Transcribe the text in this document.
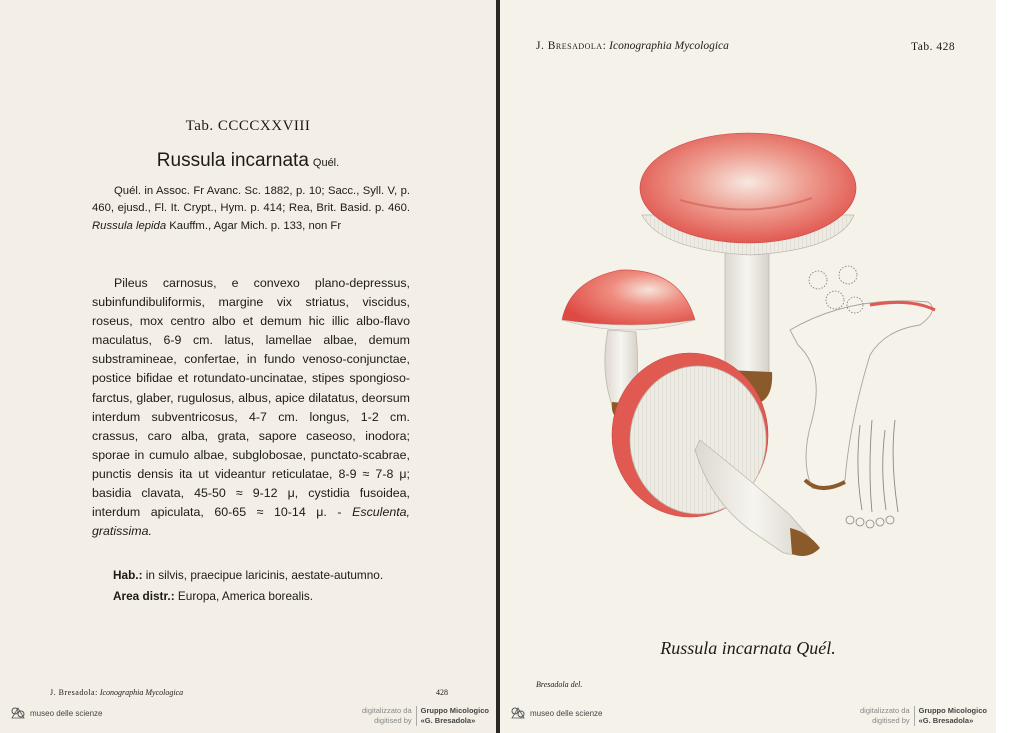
Tab. CCCCXXVIII
Russula incarnata Quél.
Quél. in Assoc. Fr Avanc. Sc. 1882, p. 10; Sacc., Syll. V, p. 460, ejusd., Fl. It. Crypt., Hym. p. 414; Rea, Brit. Basid. p. 460. Russula lepida Kauffm., Agar Mich. p. 133, non Fr

Pileus carnosus, e convexo plano-depressus, subinfundibuliformis, margine vix striatus, viscidus, roseus, mox centro albo et demum hic illic albo-flavo maculatus, 6-9 cm. latus, lamellae albae, demum substramineae, confertae, in fundo venoso-conjunctae, postice bifidae et rotundato-uncinatae, stipes spongioso-farctus, glaber, rugulosus, albus, apice dilatatus, deorsum interdum subventricosus, 4-7 cm. longus, 1-2 cm. crassus, caro alba, grata, sapore caseoso, inodora; sporae in cumulo albae, subglobosae, punctato-scabrae, punctis densis ita ut videantur reticulatae, 8-9 ≈ 7-8 μ; basidia clavata, 45-50 ≈ 9-12 μ, cystidia fusoidea, interdum apiculata, 60-65 ≈ 10-14 μ. - Esculenta, gratissima.

Hab.: in silvis, praecipue laricinis, aestate-autumno.
Area distr.: Europa, America borealis.
J. Bresadola: Iconographia Mycologica	428
museo delle scienze	digitalizzato da
digitised by
Gruppo Micologico
«G. Bresadola»
J. Bresadola: Iconographia Mycologica	Tab. 428
Russula incarnata Quél.
Bresadola del.
museo delle scienze	digitalizzato da
digitised by
Gruppo Micologico
«G. Bresadola»
